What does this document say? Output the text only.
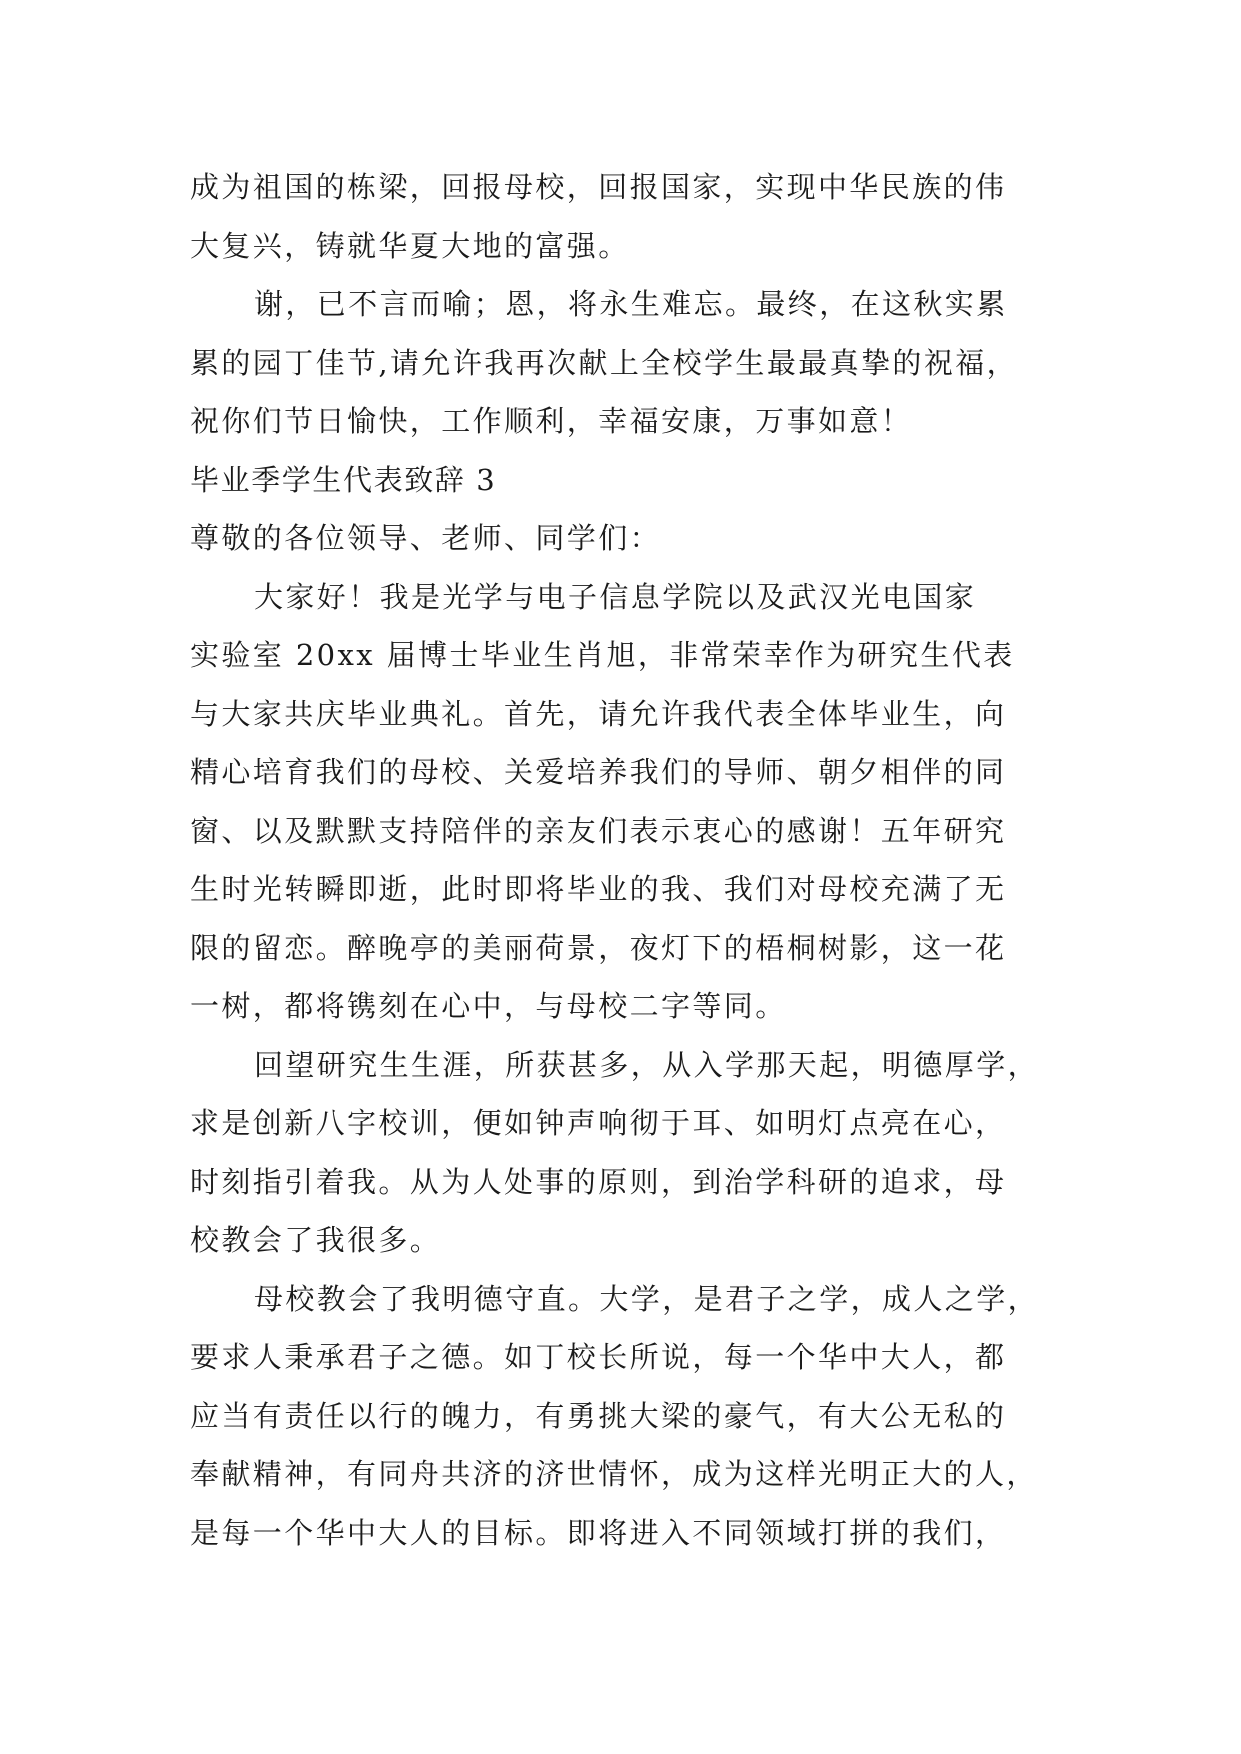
成为祖国的栋梁，回报母校，回报国家，实现中华民族的伟
大复兴，铸就华夏大地的富强。
谢，已不言而喻；恩，将永生难忘。最终，在这秋实累
累的园丁佳节,请允许我再次献上全校学生最最真挚的祝福，
祝你们节日愉快，工作顺利，幸福安康，万事如意！
毕业季学生代表致辞 3
尊敬的各位领导、老师、同学们：
大家好！我是光学与电子信息学院以及武汉光电国家
实验室 20xx 届博士毕业生肖旭，非常荣幸作为研究生代表
与大家共庆毕业典礼。首先，请允许我代表全体毕业生，向
精心培育我们的母校、关爱培养我们的导师、朝夕相伴的同
窗、以及默默支持陪伴的亲友们表示衷心的感谢！五年研究
生时光转瞬即逝，此时即将毕业的我、我们对母校充满了无
限的留恋。醉晚亭的美丽荷景，夜灯下的梧桐树影，这一花
一树，都将镌刻在心中，与母校二字等同。
回望研究生生涯，所获甚多，从入学那天起，明德厚学，
求是创新八字校训，便如钟声响彻于耳、如明灯点亮在心，
时刻指引着我。从为人处事的原则，到治学科研的追求，母
校教会了我很多。
母校教会了我明德守直。大学，是君子之学，成人之学，
要求人秉承君子之德。如丁校长所说，每一个华中大人，都
应当有责任以行的魄力，有勇挑大梁的豪气，有大公无私的
奉献精神，有同舟共济的济世情怀，成为这样光明正大的人，
是每一个华中大人的目标。即将进入不同领域打拼的我们，
